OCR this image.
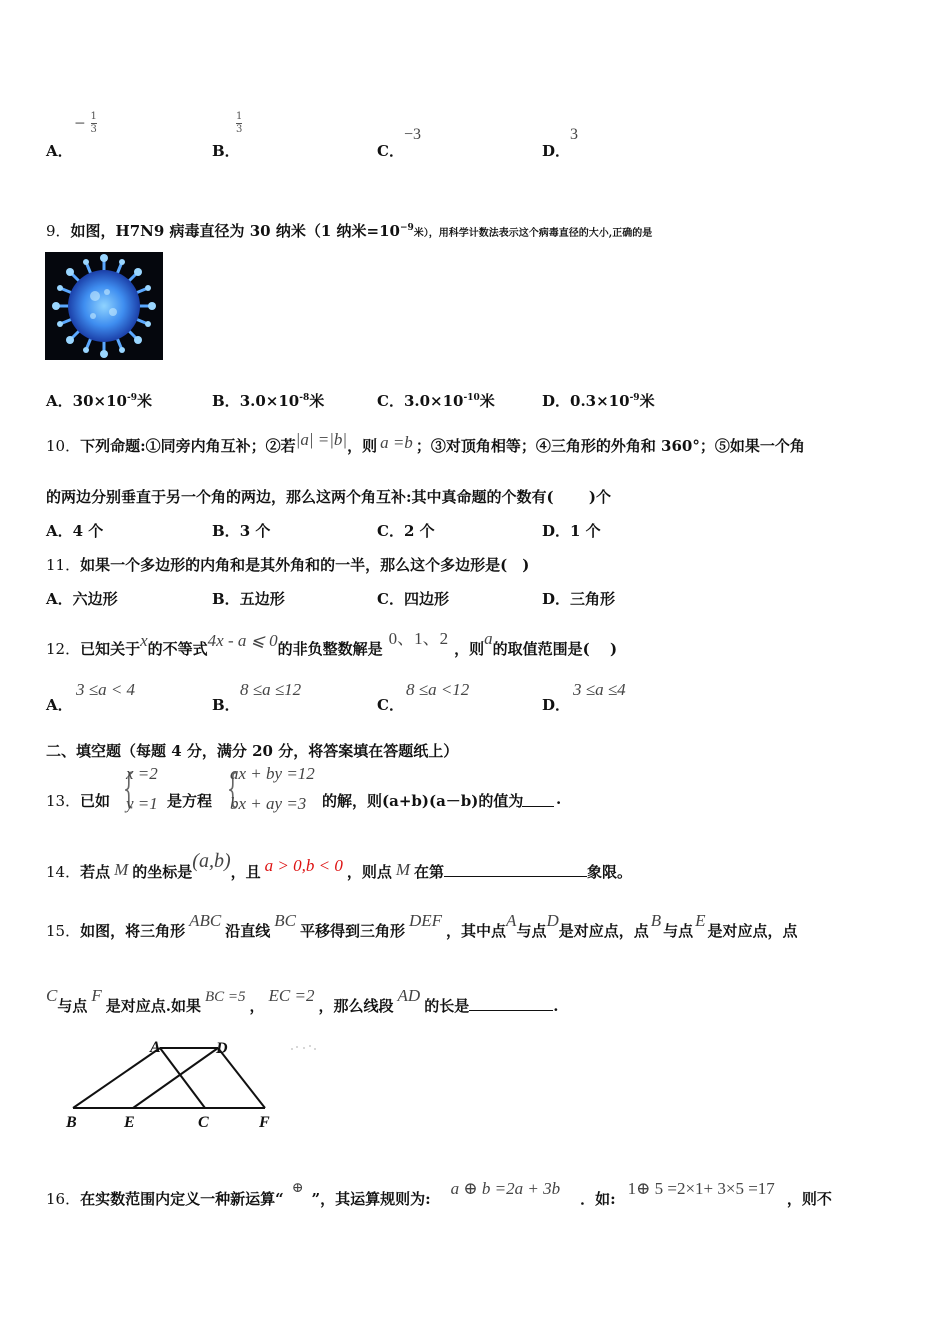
A．
− $\frac{1}{3}$
B．
$\frac{1}{3}$
C．
−3
D．
3
9．如图，H7N9 病毒直径为 30 纳米（1 纳米$=10^{-9}$米），用科学计数法表示这个病毒直径的大小,正确的是
A．$30\times 10^{-9}$米	B．$3.0\times 10^{-8}$米	C．$3.0\times 10^{-10}$米	D．$0.3\times 10^{-9}$米
10．下列命题:①同旁内角互补；②若|a| =|b|，则 a =b ；③对顶角相等；④三角形的外角和 360°；⑤如果一个角
的两边分别垂直于另一个角的两边，那么这两个角互补:其中真命题的个数有(　　 )个
A．4 个	B．3 个	C．2 个	D．1 个
11．如果一个多边形的内角和是其外角和的一半，那么这个多边形是(　)
A．六边形	B．五边形	C．四边形	D．三角形
12．已知关于x的不等式4x - a ⩽ 0的非负整数解是0、1、2，则a的取值范围是(　 )
A．
3 ≤a < 4
B．
8 ≤a ≤12
C．
8 ≤a <12
D．
3 ≤a ≤4
二、填空题（每题 4 分，满分 20 分，将答案填在答题纸上）
13． 已如 {
x =2
y =1 是方程 {
ax + by =12
bx + ay =3 的解，则(a+b)(a－b)的值为 .
14．若点 M 的坐标是(a,b)，且 a > 0,b < 0 ，则点 M 在第	象限。
15．如图，将三角形ABC沿直线BC平移得到三角形DEF，其中点A与点D是对应点，点B与点E是对应点，点
C与点F是对应点.如果 BC =5 ，EC =2，那么线段AD的长是	.
A	D
B	E	C	F
16．在实数范围内定义一种新运算“⊕”，其运算规则为:a ⊕ b =2a + 3b．如:1⊕ 5 =2×1+ 3×5 =17，则不
